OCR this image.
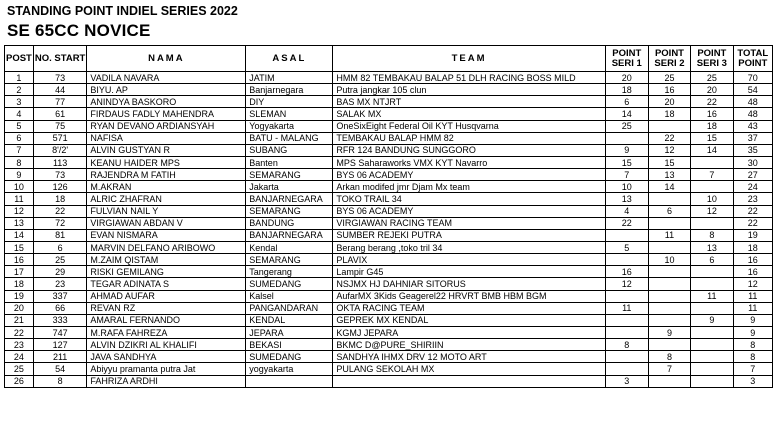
STANDING POINT INDIEL SERIES 2022
SE 65CC NOVICE
POST	NO. START	NAMA	ASAL	TEAM	POINT SERI 1	POINT SERI 2	POINT SERI 3	TOTAL POINT
1	73	VADILA NAVARA	JATIM	HMM 82 TEMBAKAU BALAP 51 DLH RACING BOSS MILD	20	25	25	70
2	44	BIYU. AP	Banjarnegara	Putra jangkar 105 clun	18	16	20	54
3	77	ANINDYA BASKORO	DIY	BAS MX NTJRT	6	20	22	48
4	61	FIRDAUS FADLY MAHENDRA	SLEMAN	SALAK MX	14	18	16	48
5	75	RYAN DEVANO ARDIANSYAH	Yogyakarta	OneSixEight Federal Oil KYT Husqvarna	25		18	43
6	571	NAFISA	BATU - MALANG	TEMBAKAU BALAP HMM 82		22	15	37
7	8'/2'	ALVIN GUSTYAN R	SUBANG	RFR 124 BANDUNG SUNGGORO	9	12	14	35
8	113	KEANU HAIDER MPS	Banten	MPS Saharaworks VMX KYT Navarro	15	15		30
9	73	RAJENDRA M FATIH	SEMARANG	BYS 06 ACADEMY	7	13	7	27
10	126	M.AKRAN	Jakarta	Arkan modifed jmr Djam Mx team	10	14		24
11	18	ALRIC ZHAFRAN	BANJARNEGARA	TOKO TRAIL 34	13		10	23
12	22	FULVIAN NAIL Y	SEMARANG	BYS 06 ACADEMY	4	6	12	22
13	72	VIRGIAWAN ABDAN V	BANDUNG	VIRGIAWAN RACING TEAM	22			22
14	81	EVAN NISMARA	BANJARNEGARA	SUMBER REJEKI PUTRA		11	8	19
15	6	MARVIN DELFANO ARIBOWO	Kendal	Berang berang ,toko tril 34	5		13	18
16	25	M.ZAIM QISTAM	SEMARANG	PLAVIX		10	6	16
17	29	RISKI GEMILANG	Tangerang	Lampir G45	16			16
18	23	TEGAR ADINATA S	SUMEDANG	NSJMX HJ DAHNIAR SITORUS	12			12
19	337	AHMAD AUFAR	Kalsel	AufarMX 3Kids Geagerel22 HRVRT BMB HBM BGM			11	11
20	66	REVAN RZ	PANGANDARAN	OKTA RACING TEAM	11			11
21	333	AMARAL FERNANDO	KENDAL	GEPREK MX KENDAL			9	9
22	747	M.RAFA FAHREZA	JEPARA	KGMJ JEPARA		9		9
23	127	ALVIN DZIKRI AL KHALIFI	BEKASI	BKMC D@PURE_SHIRIIN	8			8
24	211	JAVA SANDHYA	SUMEDANG	SANDHYA IHMX DRV 12 MOTO ART		8		8
25	54	Abiyyu pramanta putra Jat	yogyakarta	PULANG SEKOLAH MX		7		7
26	8	FAHRIZA ARDHI			3			3
